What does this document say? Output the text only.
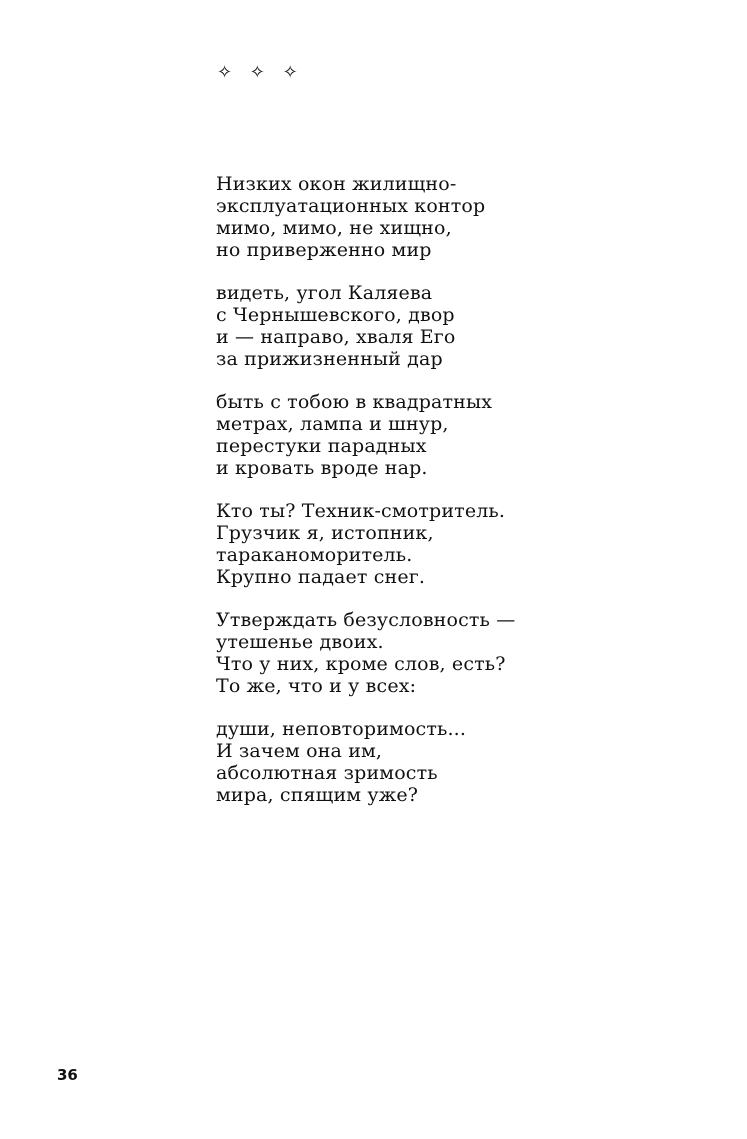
✧ ✧ ✧
Низких окон жилищно-
эксплуатационных контор
мимо, мимо, не хищно,
но приверженно мир
видеть, угол Каляева
с Чернышевского, двор
и — направо, хваля Его
за прижизненный дар
быть с тобою в квадратных
метрах, лампа и шнур,
перестуки парадных
и кровать вроде нар.
Кто ты? Техник-смотритель.
Грузчик я, истопник,
тараканоморитель.
Крупно падает снег.
Утверждать безусловность —
утешенье двоих.
Что у них, кроме слов, есть?
То же, что и у всех:
души, неповторимость...
И зачем она им,
абсолютная зримость
мира, спящим уже?
36
